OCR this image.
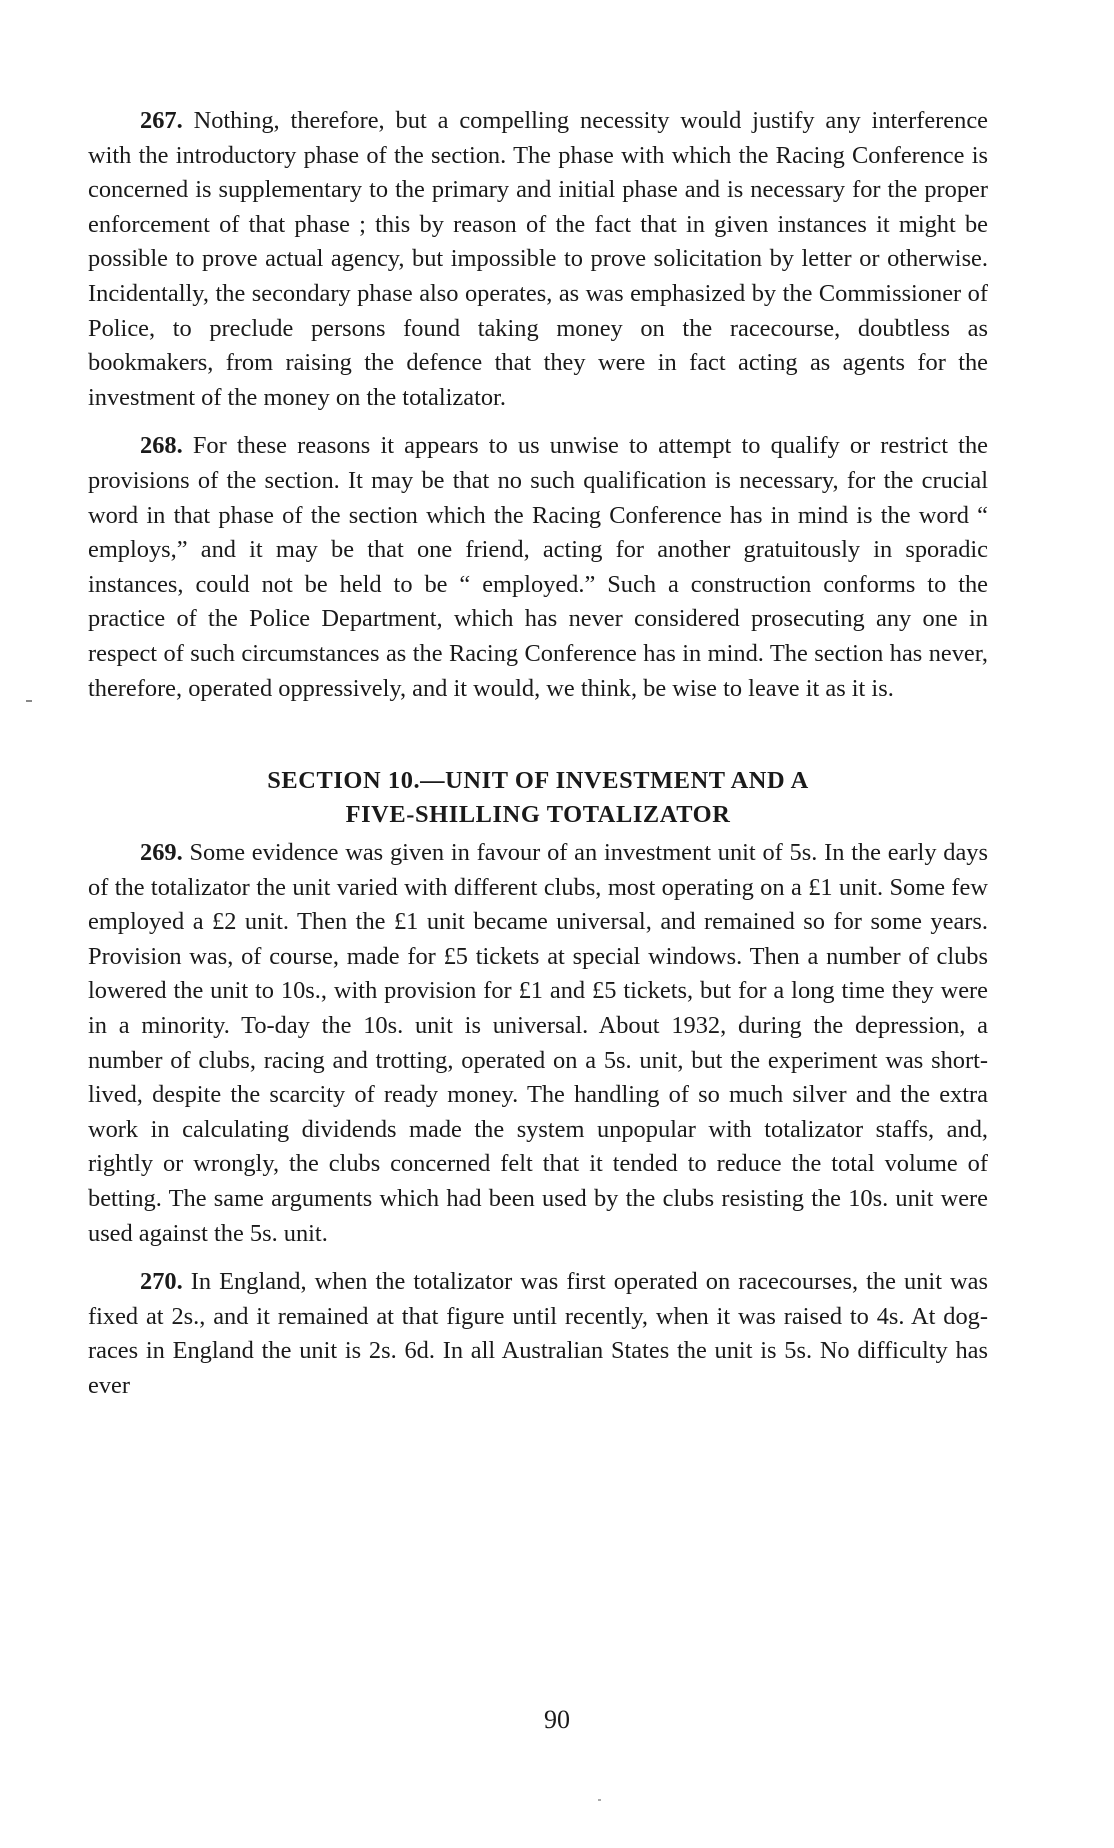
267. Nothing, therefore, but a compelling necessity would justify any interference with the introductory phase of the section. The phase with which the Racing Conference is concerned is supplementary to the primary and initial phase and is necessary for the proper enforcement of that phase ; this by reason of the fact that in given instances it might be possible to prove actual agency, but impossible to prove solicitation by letter or otherwise. Incidentally, the secondary phase also operates, as was emphasized by the Commissioner of Police, to preclude persons found taking money on the racecourse, doubtless as bookmakers, from raising the defence that they were in fact acting as agents for the investment of the money on the totalizator.

268. For these reasons it appears to us unwise to attempt to qualify or restrict the provisions of the section. It may be that no such qualification is necessary, for the crucial word in that phase of the section which the Racing Conference has in mind is the word “ employs,” and it may be that one friend, acting for another gratuitously in sporadic instances, could not be held to be “ employed.” Such a construction conforms to the practice of the Police Department, which has never considered prosecuting any one in respect of such circumstances as the Racing Conference has in mind. The section has never, therefore, operated oppressively, and it would, we think, be wise to leave it as it is.

SECTION 10.—UNIT OF INVESTMENT AND A
FIVE-SHILLING TOTALIZATOR

269. Some evidence was given in favour of an investment unit of 5s. In the early days of the totalizator the unit varied with different clubs, most operating on a £1 unit. Some few employed a £2 unit. Then the £1 unit became universal, and remained so for some years. Provision was, of course, made for £5 tickets at special windows. Then a number of clubs lowered the unit to 10s., with provision for £1 and £5 tickets, but for a long time they were in a minority. To-day the 10s. unit is universal. About 1932, during the depression, a number of clubs, racing and trotting, operated on a 5s. unit, but the experiment was short-lived, despite the scarcity of ready money. The handling of so much silver and the extra work in calculating dividends made the system unpopular with totalizator staffs, and, rightly or wrongly, the clubs concerned felt that it tended to reduce the total volume of betting. The same arguments which had been used by the clubs resisting the 10s. unit were used against the 5s. unit.

270. In England, when the totalizator was first operated on racecourses, the unit was fixed at 2s., and it remained at that figure until recently, when it was raised to 4s. At dog-races in England the unit is 2s. 6d. In all Australian States the unit is 5s. No difficulty has ever

90
